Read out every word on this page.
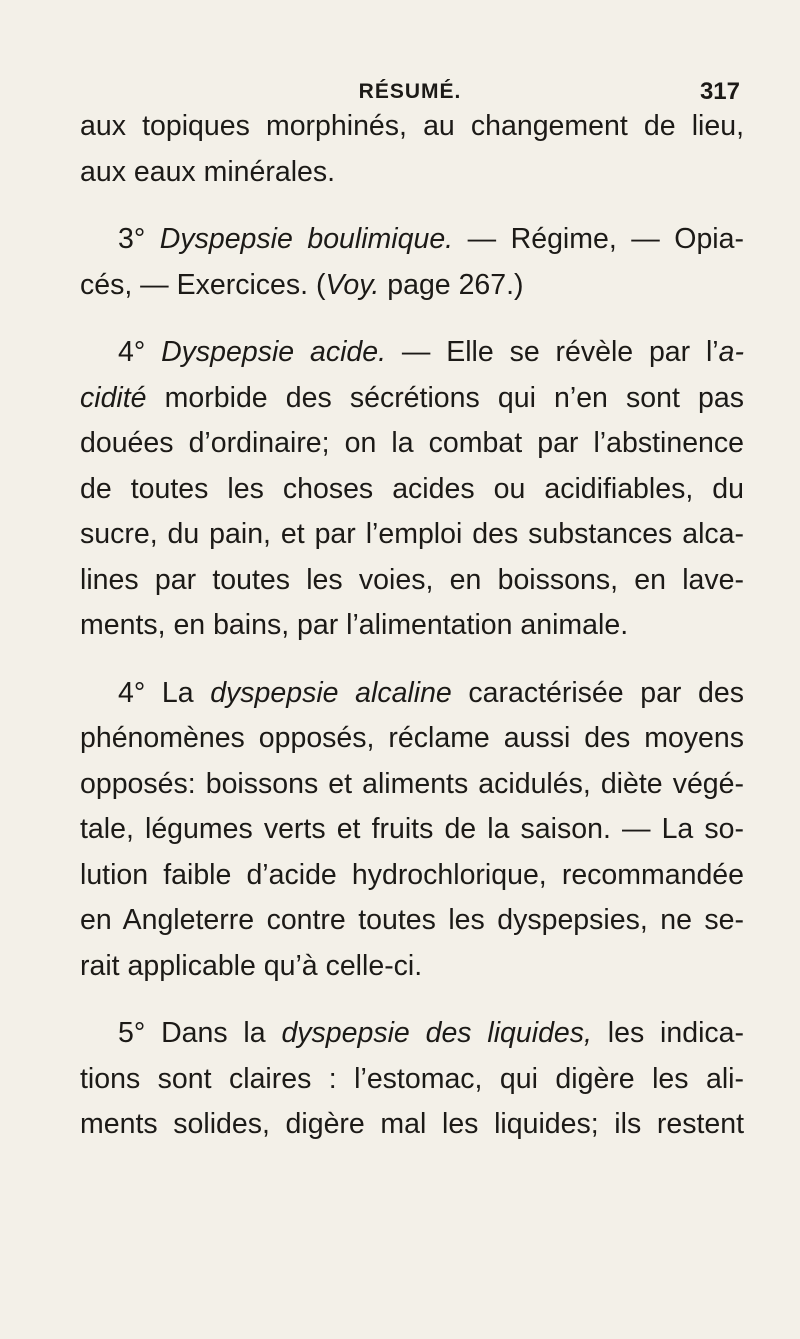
RÉSUMÉ.	317

aux topiques morphinés, au changement de lieu,
aux eaux minérales.

3° Dyspepsie boulimique. — Régime, — Opia-
cés, — Exercices. (Voy. page 267.)

4° Dyspepsie acide. — Elle se révèle par l’a-
cidité morbide des sécrétions qui n’en sont pas
douées d’ordinaire; on la combat par l’abstinence
de toutes les choses acides ou acidifiables, du
sucre, du pain, et par l’emploi des substances alca-
lines par toutes les voies, en boissons, en lave-
ments, en bains, par l’alimentation animale.

4° La dyspepsie alcaline caractérisée par des
phénomènes opposés, réclame aussi des moyens
opposés: boissons et aliments acidulés, diète végé-
tale, légumes verts et fruits de la saison. — La so-
lution faible d’acide hydrochlorique, recommandée
en Angleterre contre toutes les dyspepsies, ne se-
rait applicable qu’à celle-ci.

5° Dans la dyspepsie des liquides, les indica-
tions sont claires : l’estomac, qui digère les ali-
ments solides, digère mal les liquides; ils restent
